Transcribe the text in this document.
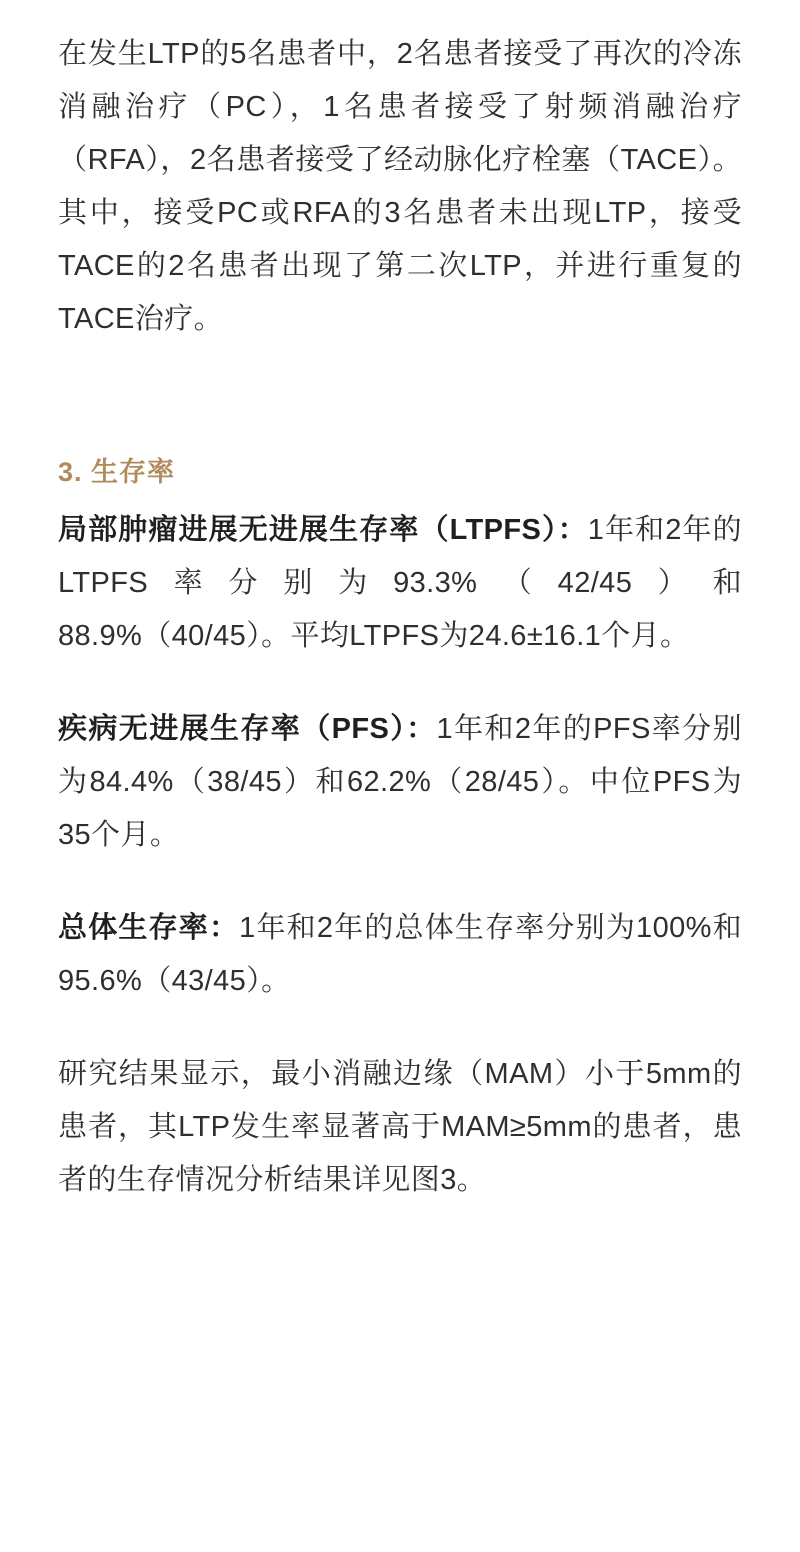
在发生LTP的5名患者中，2名患者接受了再次的冷冻消融治疗（PC），1名患者接受了射频消融治疗（RFA），2名患者接受了经动脉化疗栓塞（TACE）。其中，接受PC或RFA的3名患者未出现LTP，接受TACE的2名患者出现了第二次LTP，并进行重复的TACE治疗。

3. 生存率

局部肿瘤进展无进展生存率（LTPFS）：1年和2年的LTPFS率分别为93.3%（42/45）和88.9%（40/45）。平均LTPFS为24.6±16.1个月。

疾病无进展生存率（PFS）：1年和2年的PFS率分别为84.4%（38/45）和62.2%（28/45）。中位PFS为35个月。

总体生存率：1年和2年的总体生存率分别为100%和95.6%（43/45）。

研究结果显示，最小消融边缘（MAM）小于5mm的患者，其LTP发生率显著高于MAM≥5mm的患者，患者的生存情况分析结果详见图3。
